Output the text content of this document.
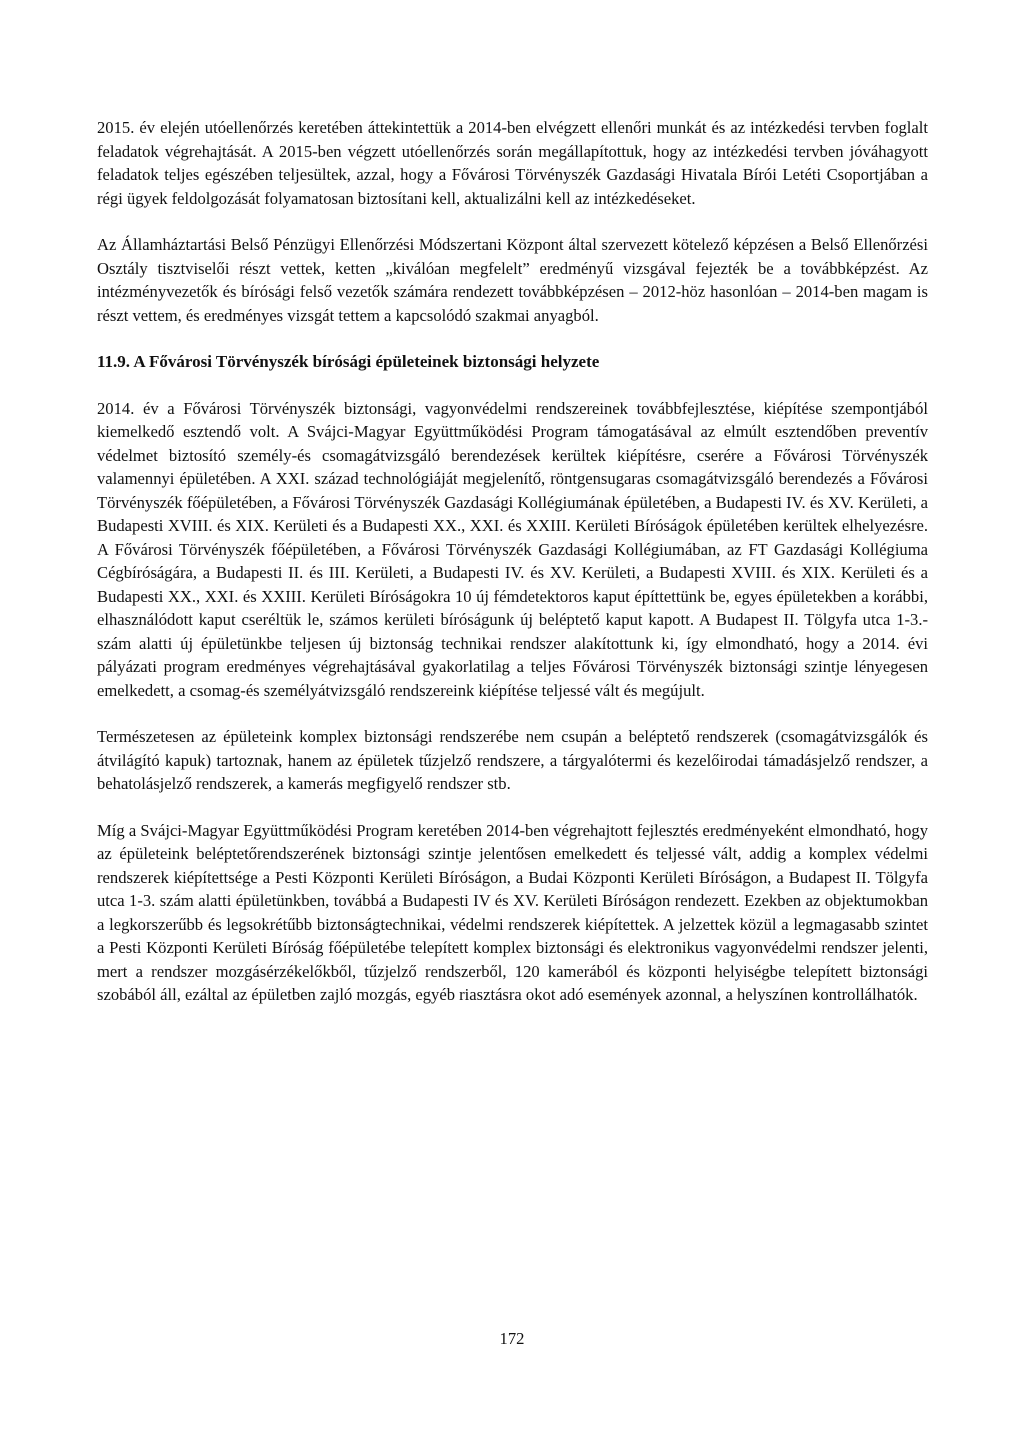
2015. év elején utóellenőrzés keretében áttekintettük a 2014-ben elvégzett ellenőri munkát és az intézkedési tervben foglalt feladatok végrehajtását. A 2015-ben végzett utóellenőrzés során megállapítottuk, hogy az intézkedési tervben jóváhagyott feladatok teljes egészében teljesültek, azzal, hogy a Fővárosi Törvényszék Gazdasági Hivatala Bírói Letéti Csoportjában a régi ügyek feldolgozását folyamatosan biztosítani kell, aktualizálni kell az intézkedéseket.

Az Államháztartási Belső Pénzügyi Ellenőrzési Módszertani Központ által szervezett kötelező képzésen a Belső Ellenőrzési Osztály tisztviselői részt vettek, ketten „kiválóan megfelelt” eredményű vizsgával fejezték be a továbbképzést. Az intézményvezetők és bírósági felső vezetők számára rendezett továbbképzésen – 2012-höz hasonlóan – 2014-ben magam is részt vettem, és eredményes vizsgát tettem a kapcsolódó szakmai anyagból.

11.9. A Fővárosi Törvényszék bírósági épületeinek biztonsági helyzete

2014. év a Fővárosi Törvényszék biztonsági, vagyonvédelmi rendszereinek továbbfejlesztése, kiépítése szempontjából kiemelkedő esztendő volt. A Svájci-Magyar Együttműködési Program támogatásával az elmúlt esztendőben preventív védelmet biztosító személy-és csomagátvizsgáló berendezések kerültek kiépítésre, cserére a Fővárosi Törvényszék valamennyi épületében. A XXI. század technológiáját megjelenítő, röntgensugaras csomagátvizsgáló berendezés a Fővárosi Törvényszék főépületében, a Fővárosi Törvényszék Gazdasági Kollégiumának épületében, a Budapesti IV. és XV. Kerületi, a Budapesti XVIII. és XIX. Kerületi és a Budapesti XX., XXI. és XXIII. Kerületi Bíróságok épületében kerültek elhelyezésre. A Fővárosi Törvényszék főépületében, a Fővárosi Törvényszék Gazdasági Kollégiumában, az FT Gazdasági Kollégiuma Cégbíróságára, a Budapesti II. és III. Kerületi, a Budapesti IV. és XV. Kerületi, a Budapesti XVIII. és XIX. Kerületi és a Budapesti XX., XXI. és XXIII. Kerületi Bíróságokra 10 új fémdetektoros kaput építtettünk be, egyes épületekben a korábbi, elhasználódott kaput cseréltük le, számos kerületi bíróságunk új beléptető kaput kapott. A Budapest II. Tölgyfa utca 1-3.- szám alatti új épületünkbe teljesen új biztonság technikai rendszer alakítottunk ki, így elmondható, hogy a 2014. évi pályázati program eredményes végrehajtásával gyakorlatilag a teljes Fővárosi Törvényszék biztonsági szintje lényegesen emelkedett, a csomag-és személyátvizsgáló rendszereink kiépítése teljessé vált és megújult.

Természetesen az épületeink komplex biztonsági rendszerébe nem csupán a beléptető rendszerek (csomagátvizsgálók és átvilágító kapuk) tartoznak, hanem az épületek tűzjelző rendszere, a tárgyalótermi és kezelőirodai támadásjelző rendszer, a behatolásjelző rendszerek, a kamerás megfigyelő rendszer stb.

Míg a Svájci-Magyar Együttműködési Program keretében 2014-ben végrehajtott fejlesztés eredményeként elmondható, hogy az épületeink beléptetőrendszerének biztonsági szintje jelentősen emelkedett és teljessé vált, addig a komplex védelmi rendszerek kiépítettsége a Pesti Központi Kerületi Bíróságon, a Budai Központi Kerületi Bíróságon, a Budapest II. Tölgyfa utca 1-3. szám alatti épületünkben, továbbá a Budapesti IV és XV. Kerületi Bíróságon rendezett. Ezekben az objektumokban a legkorszerűbb és legsokrétűbb biztonságtechnikai, védelmi rendszerek kiépítettek. A jelzettek közül a legmagasabb szintet a Pesti Központi Kerületi Bíróság főépületébe telepített komplex biztonsági és elektronikus vagyonvédelmi rendszer jelenti, mert a rendszer mozgásérzékelőkből, tűzjelző rendszerből, 120 kamerából és központi helyiségbe telepített biztonsági szobából áll, ezáltal az épületben zajló mozgás, egyéb riasztásra okot adó események azonnal, a helyszínen kontrollálhatók.

172
